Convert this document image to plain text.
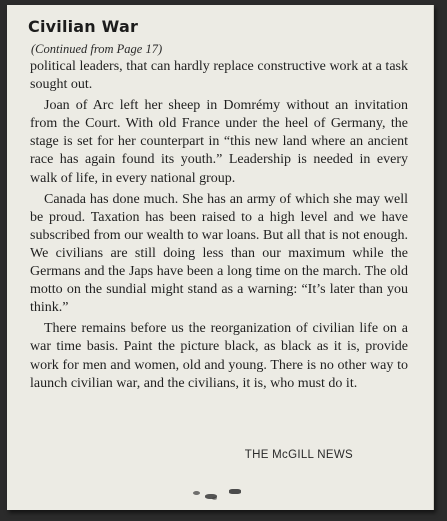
Civilian War
(Continued from Page 17)

political leaders, that can hardly replace constructive work at a task sought out.

Joan of Arc left her sheep in Domrémy without an invitation from the Court. With old France under the heel of Germany, the stage is set for her counterpart in “this new land where an ancient race has again found its youth.” Leadership is needed in every walk of life, in every national group.

Canada has done much. She has an army of which she may well be proud. Taxation has been raised to a high level and we have subscribed from our wealth to war loans. But all that is not enough. We civilians are still doing less than our maximum while the Germans and the Japs have been a long time on the march. The old motto on the sundial might stand as a warning: “It’s later than you think.”

There remains before us the reorganization of civilian life on a war time basis. Paint the picture black, as black as it is, provide work for men and women, old and young. There is no other way to launch civilian war, and the civilians, it is, who must do it.

THE McGILL NEWS
